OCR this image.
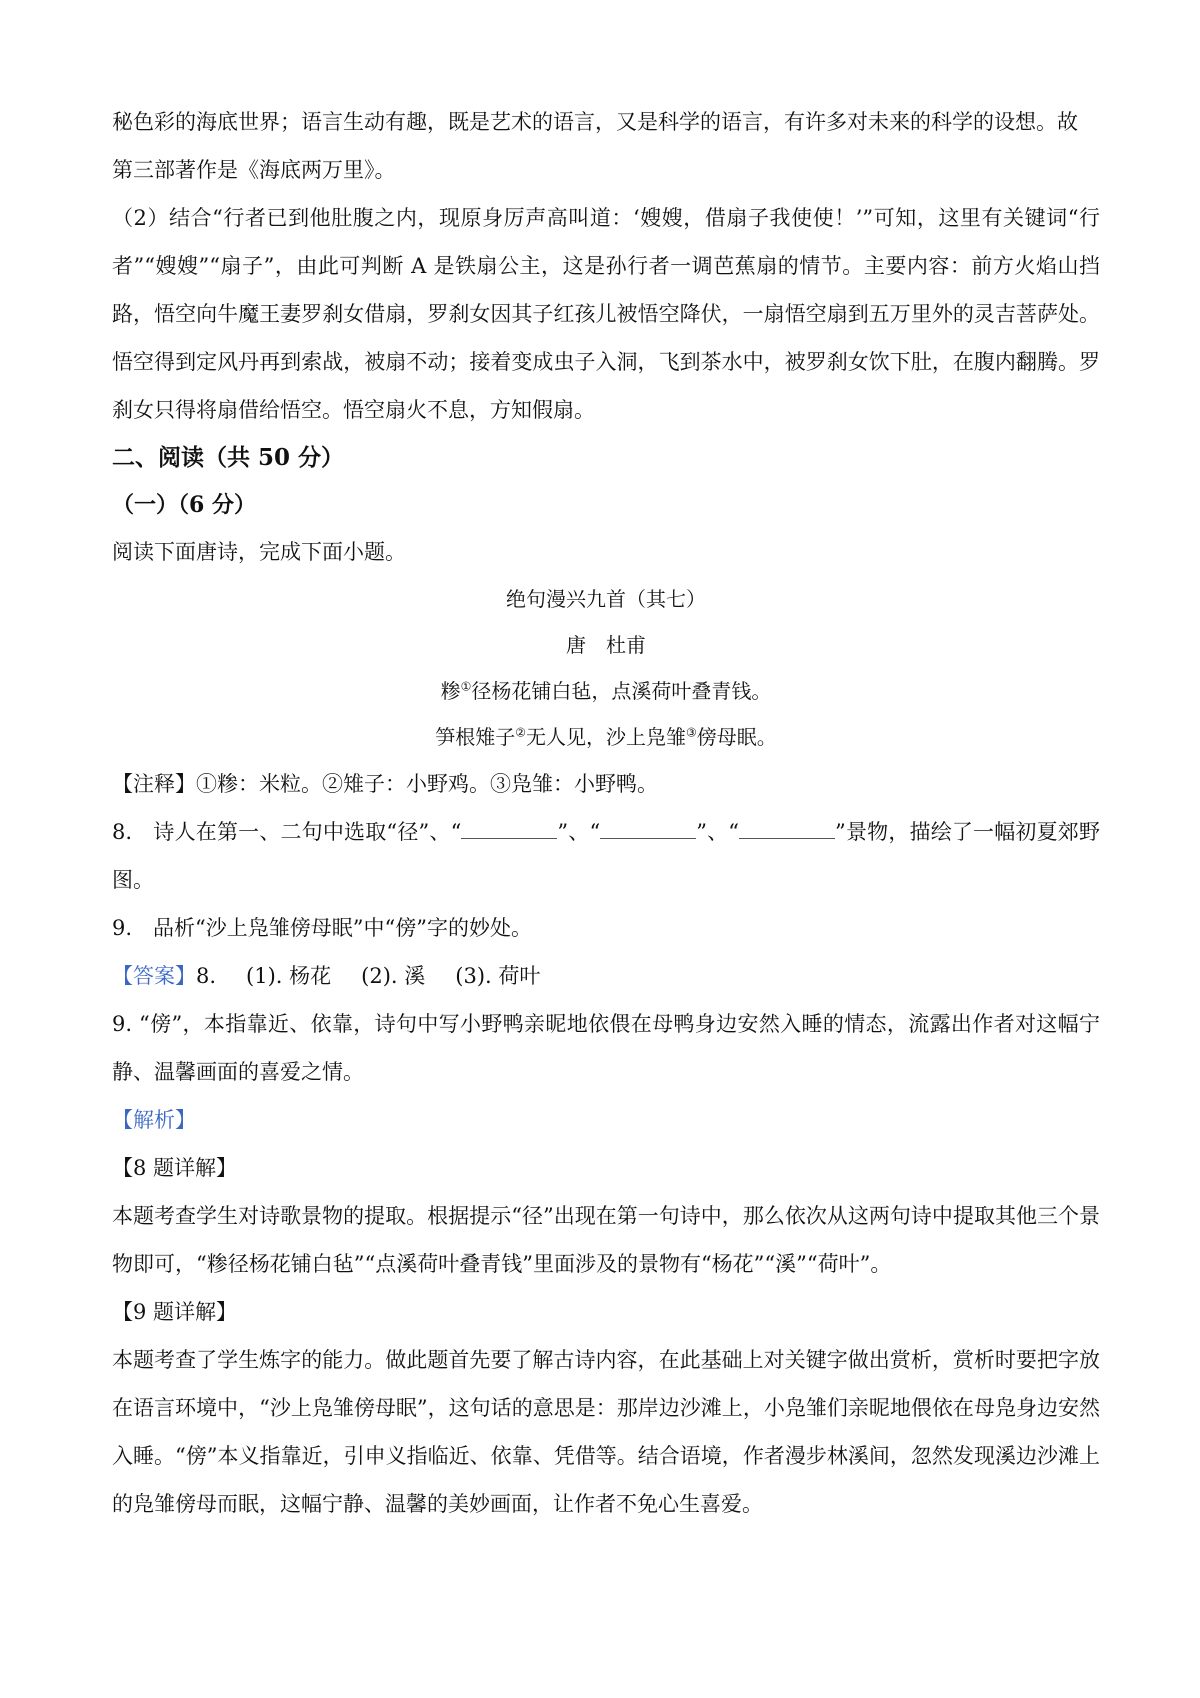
秘色彩的海底世界；语言生动有趣，既是艺术的语言，又是科学的语言，有许多对未来的科学的设想。故

第三部著作是《海底两万里》。

（2）结合“行者已到他肚腹之内，现原身厉声高叫道：‘嫂嫂，借扇子我使使！’”可知，这里有关键词“行者”“嫂嫂”“扇子”，由此可判断 A 是铁扇公主，这是孙行者一调芭蕉扇的情节。主要内容：前方火焰山挡路，悟空向牛魔王妻罗刹女借扇，罗刹女因其子红孩儿被悟空降伏，一扇悟空扇到五万里外的灵吉菩萨处。悟空得到定风丹再到索战，被扇不动；接着变成虫子入洞，飞到茶水中，被罗刹女饮下肚，在腹内翻腾。罗刹女只得将扇借给悟空。悟空扇火不息，方知假扇。

二、阅读（共 50 分）

（一）（6 分）

阅读下面唐诗，完成下面小题。

绝句漫兴九首（其七）

唐　杜甫

糁①径杨花铺白毡，点溪荷叶叠青钱。

笋根雉子②无人见，沙上凫雏③傍母眠。

【注释】①糁：米粒。②雉子：小野鸡。③凫雏：小野鸭。

8.　诗人在第一、二句中选取“径”、“	”、“	”、“	”景物，描绘了一幅初夏郊野图。

9.　品析“沙上凫雏傍母眠”中“傍”字的妙处。

【答案】8. (1). 杨花 (2). 溪 (3). 荷叶

9. “傍”，本指靠近、依靠，诗句中写小野鸭亲昵地依偎在母鸭身边安然入睡的情态，流露出作者对这幅宁静、温馨画面的喜爱之情。

【解析】

【8 题详解】

本题考查学生对诗歌景物的提取。根据提示“径”出现在第一句诗中，那么依次从这两句诗中提取其他三个景物即可，“糁径杨花铺白毡”“点溪荷叶叠青钱”里面涉及的景物有“杨花”“溪”“荷叶”。

【9 题详解】

本题考查了学生炼字的能力。做此题首先要了解古诗内容，在此基础上对关键字做出赏析，赏析时要把字放在语言环境中，“沙上凫雏傍母眠”，这句话的意思是：那岸边沙滩上，小凫雏们亲昵地偎依在母凫身边安然入睡。“傍”本义指靠近，引申义指临近、依靠、凭借等。结合语境，作者漫步林溪间，忽然发现溪边沙滩上的凫雏傍母而眠，这幅宁静、温馨的美妙画面，让作者不免心生喜爱。
